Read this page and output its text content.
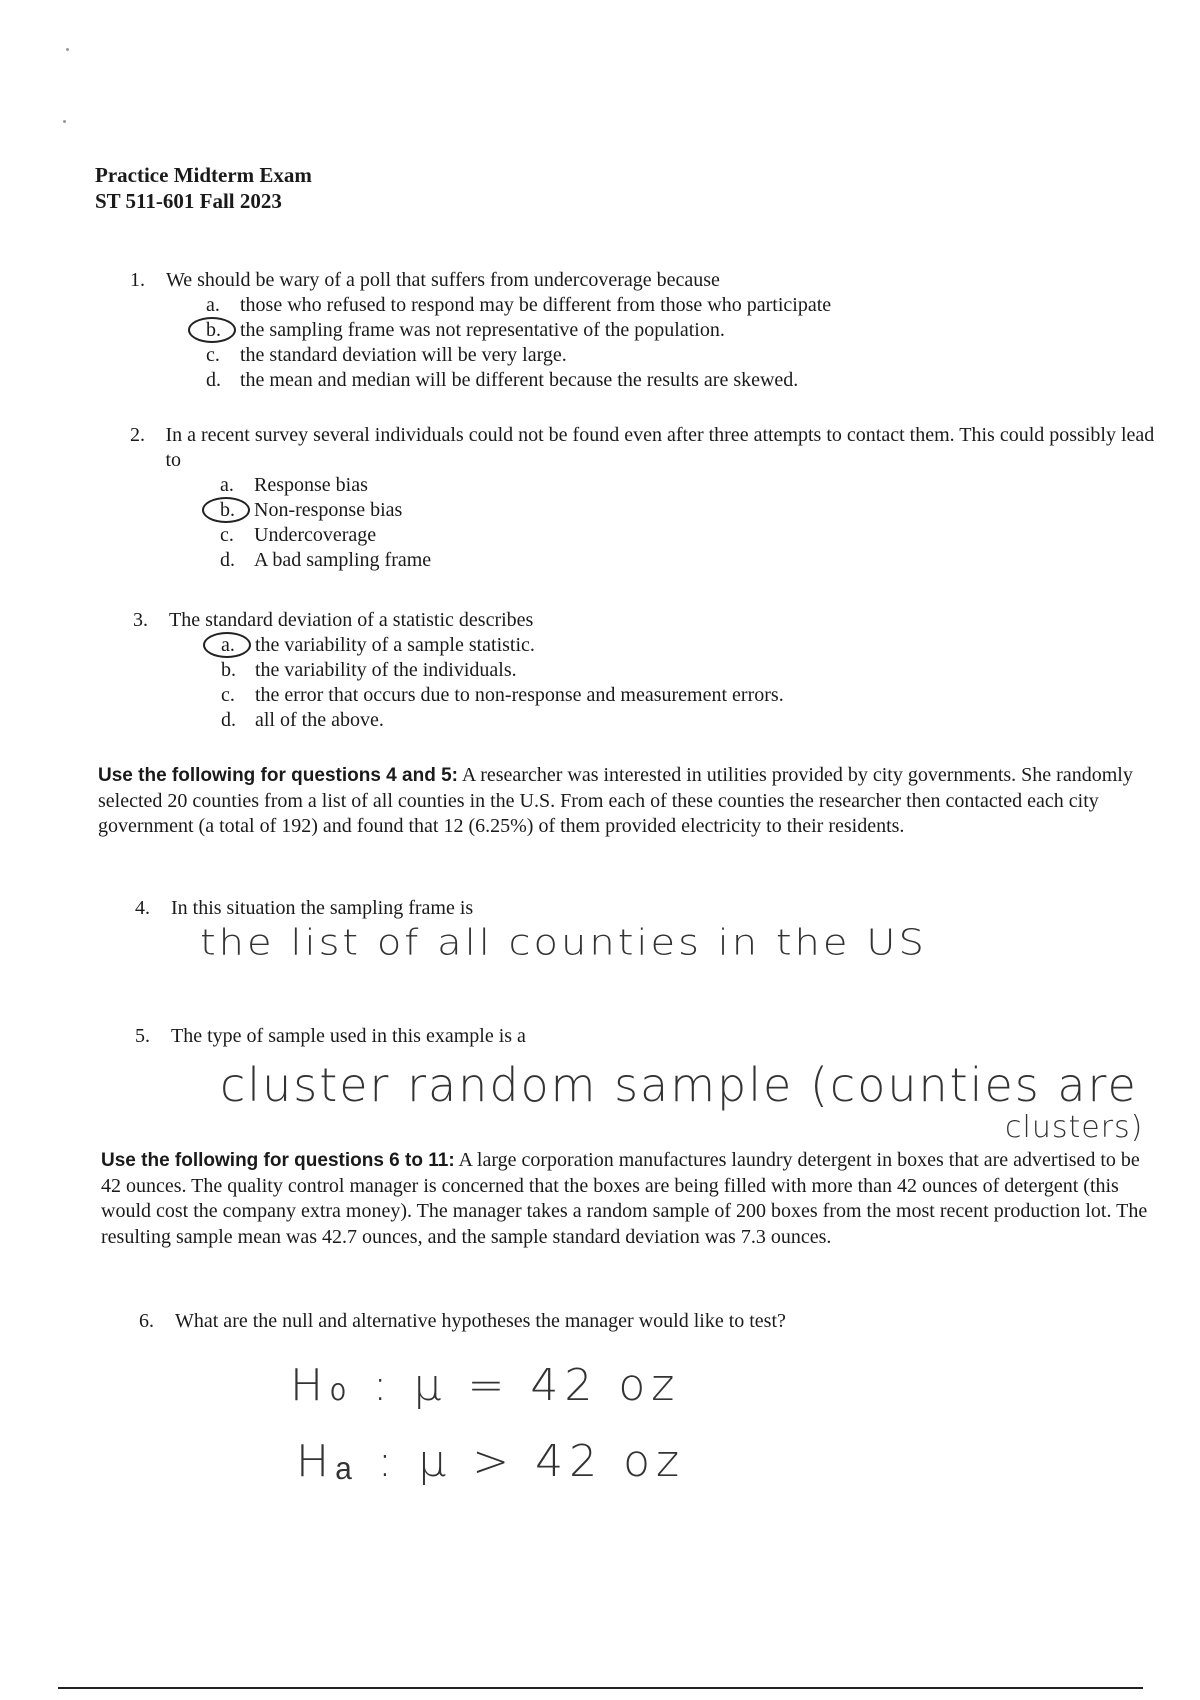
Practice Midterm Exam
ST 511-601 Fall 2023
1.	We should be wary of a poll that suffers from undercoverage because
a.	those who refused to respond may be different from those who participate
b. the sampling frame was not representative of the population.
c.	the standard deviation will be very large.
d. the mean and median will be different because the results are skewed.
2.	In a recent survey several individuals could not be found even after three attempts to contact them. This could possibly lead to
a.	Response bias
b. Non-response bias
c.	Undercoverage
d. A bad sampling frame
3.	The standard deviation of a statistic describes
a.	the variability of a sample statistic.
b. the variability of the individuals.
c.	the error that occurs due to non-response and measurement errors.
d. all of the above.
Use the following for questions 4 and 5: A researcher was interested in utilities provided by city governments. She randomly selected 20 counties from a list of all counties in the U.S. From each of these counties the researcher then contacted each city government (a total of 192) and found that 12 (6.25%) of them provided electricity to their residents.
4.	In this situation the sampling frame is
the list of all counties in the US
5.	The type of sample used in this example is a
cluster random sample (counties are
clusters)
Use the following for questions 6 to 11: A large corporation manufactures laundry detergent in boxes that are advertised to be 42 ounces. The quality control manager is concerned that the boxes are being filled with more than 42 ounces of detergent (this would cost the company extra money). The manager takes a random sample of 200 boxes from the most recent production lot. The resulting sample mean was 42.7 ounces, and the sample standard deviation was 7.3 ounces.
6.	What are the null and alternative hypotheses the manager would like to test?
H₀ : μ = 42 oz
Hₐ : μ > 42 oz
